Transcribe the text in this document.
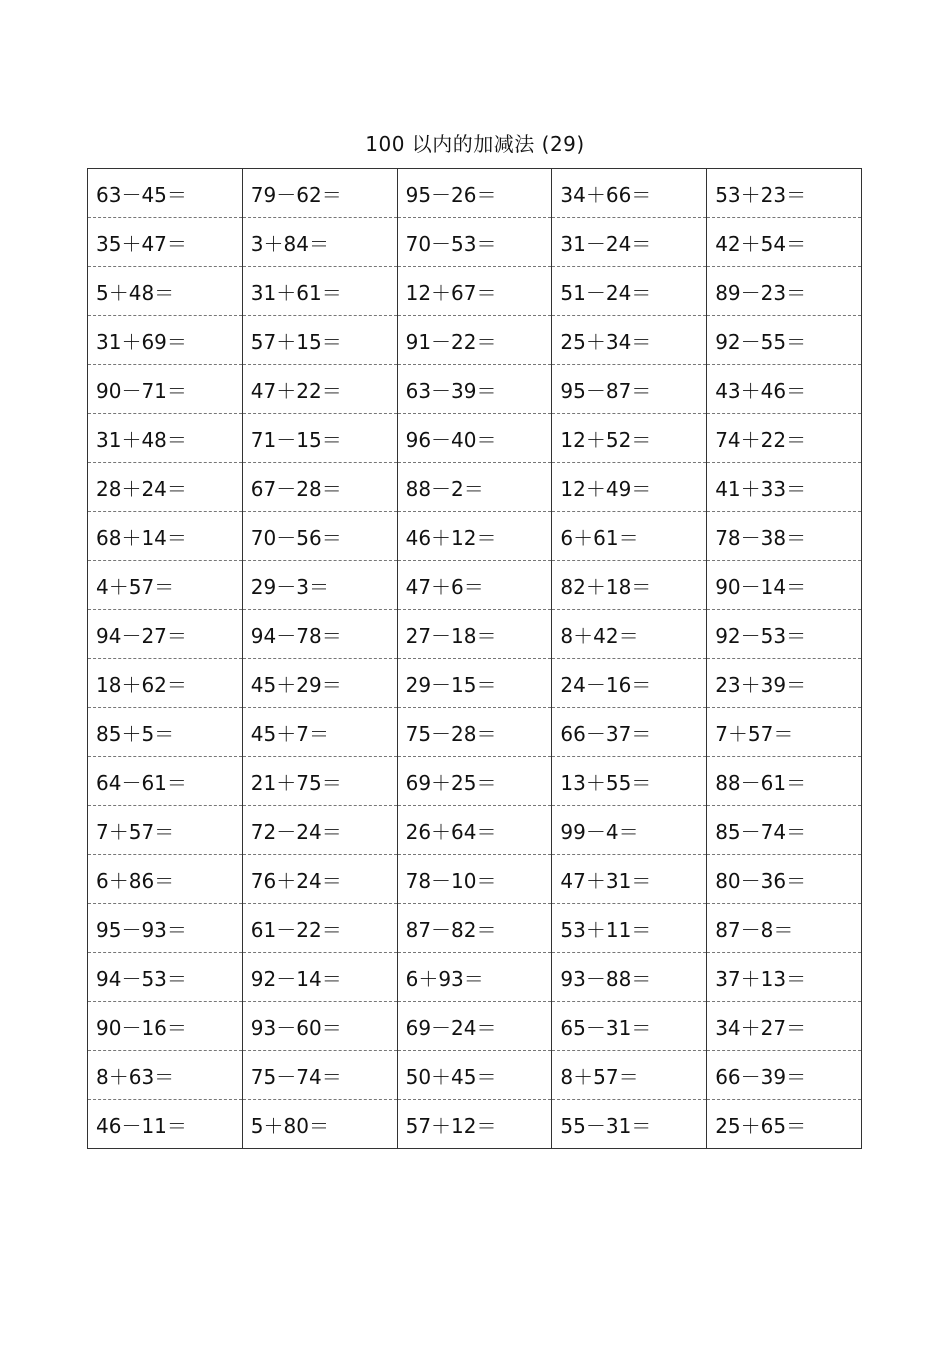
100 以内的加减法 (29)
63－45＝	79－62＝	95－26＝	34＋66＝	53＋23＝
35＋47＝	3＋84＝	70－53＝	31－24＝	42＋54＝
5＋48＝	31＋61＝	12＋67＝	51－24＝	89－23＝
31＋69＝	57＋15＝	91－22＝	25＋34＝	92－55＝
90－71＝	47＋22＝	63－39＝	95－87＝	43＋46＝
31＋48＝	71－15＝	96－40＝	12＋52＝	74＋22＝
28＋24＝	67－28＝	88－2＝	12＋49＝	41＋33＝
68＋14＝	70－56＝	46＋12＝	6＋61＝	78－38＝
4＋57＝	29－3＝	47＋6＝	82＋18＝	90－14＝
94－27＝	94－78＝	27－18＝	8＋42＝	92－53＝
18＋62＝	45＋29＝	29－15＝	24－16＝	23＋39＝
85＋5＝	45＋7＝	75－28＝	66－37＝	7＋57＝
64－61＝	21＋75＝	69＋25＝	13＋55＝	88－61＝
7＋57＝	72－24＝	26＋64＝	99－4＝	85－74＝
6＋86＝	76＋24＝	78－10＝	47＋31＝	80－36＝
95－93＝	61－22＝	87－82＝	53＋11＝	87－8＝
94－53＝	92－14＝	6＋93＝	93－88＝	37＋13＝
90－16＝	93－60＝	69－24＝	65－31＝	34＋27＝
8＋63＝	75－74＝	50＋45＝	8＋57＝	66－39＝
46－11＝	5＋80＝	57＋12＝	55－31＝	25＋65＝
